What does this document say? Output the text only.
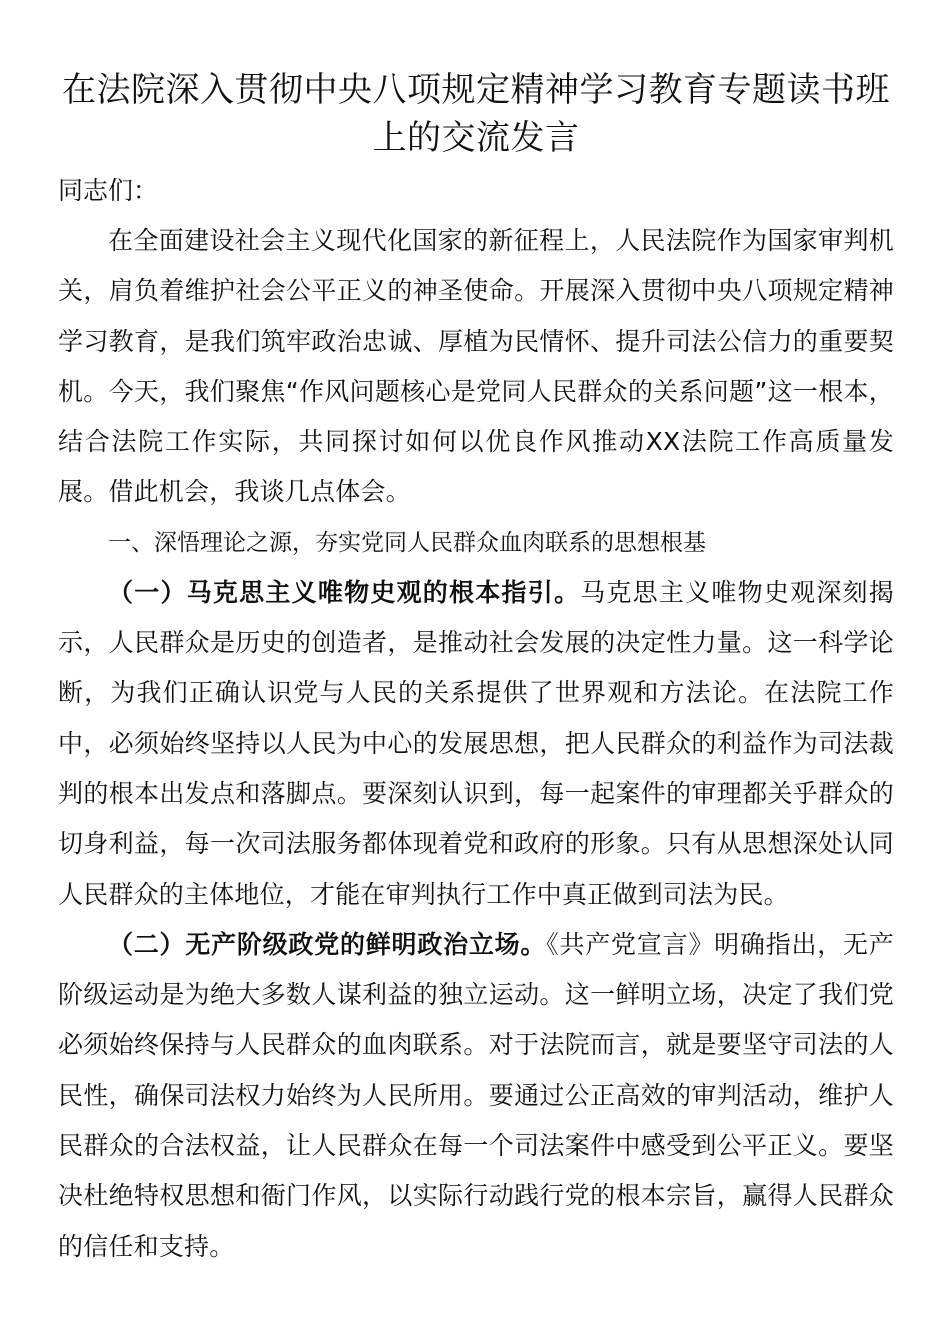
在法院深入贯彻中央八项规定精神学习教育专题读书班上的交流发言

同志们：

在全面建设社会主义现代化国家的新征程上，人民法院作为国家审判机关，肩负着维护社会公平正义的神圣使命。开展深入贯彻中央八项规定精神学习教育，是我们筑牢政治忠诚、厚植为民情怀、提升司法公信力的重要契机。今天，我们聚焦“作风问题核心是党同人民群众的关系问题”这一根本，结合法院工作实际，共同探讨如何以优良作风推动XX法院工作高质量发展。借此机会，我谈几点体会。

一、深悟理论之源，夯实党同人民群众血肉联系的思想根基

（一）马克思主义唯物史观的根本指引。马克思主义唯物史观深刻揭示，人民群众是历史的创造者，是推动社会发展的决定性力量。这一科学论断，为我们正确认识党与人民的关系提供了世界观和方法论。在法院工作中，必须始终坚持以人民为中心的发展思想，把人民群众的利益作为司法裁判的根本出发点和落脚点。要深刻认识到，每一起案件的审理都关乎群众的切身利益，每一次司法服务都体现着党和政府的形象。只有从思想深处认同人民群众的主体地位，才能在审判执行工作中真正做到司法为民。

（二）无产阶级政党的鲜明政治立场。《共产党宣言》明确指出，无产阶级运动是为绝大多数人谋利益的独立运动。这一鲜明立场，决定了我们党必须始终保持与人民群众的血肉联系。对于法院而言，就是要坚守司法的人民性，确保司法权力始终为人民所用。要通过公正高效的审判活动，维护人民群众的合法权益，让人民群众在每一个司法案件中感受到公平正义。要坚决杜绝特权思想和衙门作风，以实际行动践行党的根本宗旨，赢得人民群众的信任和支持。
